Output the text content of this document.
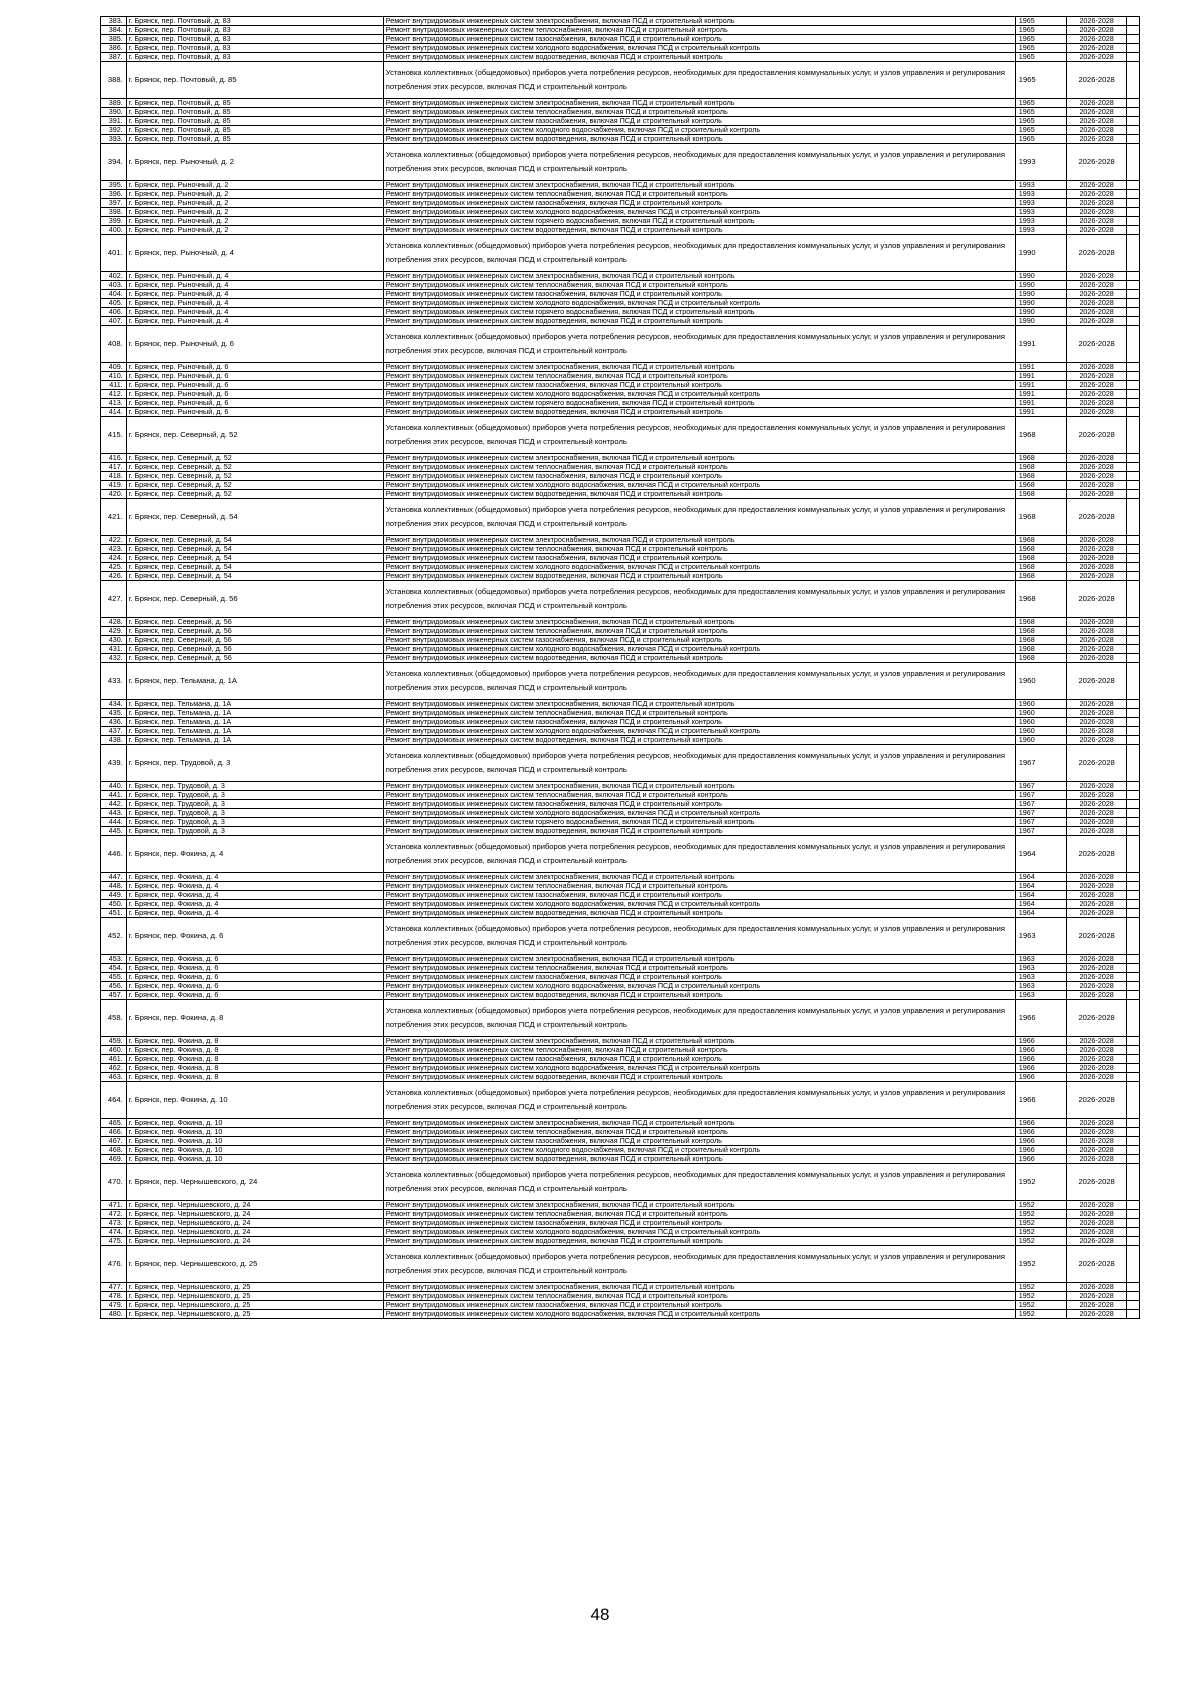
383.	г. Брянск, пер. Почтовый, д. 83	Ремонт внутридомовых инженерных систем электроснабжения, включая ПСД и строительный контроль	1965	2026-2028	
384.	г. Брянск, пер. Почтовый, д. 83	Ремонт внутридомовых инженерных систем теплоснабжения, включая ПСД и строительный контроль	1965	2026-2028	
385.	г. Брянск, пер. Почтовый, д. 83	Ремонт внутридомовых инженерных систем газоснабжения, включая ПСД и строительный контроль	1965	2026-2028	
386.	г. Брянск, пер. Почтовый, д. 83	Ремонт внутридомовых инженерных систем холодного водоснабжения, включая ПСД и строительный контроль	1965	2026-2028	
387.	г. Брянск, пер. Почтовый, д. 83	Ремонт внутридомовых инженерных систем водоотведения, включая ПСД и строительный контроль	1965	2026-2028	
388.	г. Брянск, пер. Почтовый, д. 85	Установка коллективных (общедомовых) приборов учета потребления ресурсов, необходимых для предоставления коммунальных услуг, и узлов управления и регулирования потребления этих ресурсов, включая ПСД и строительный контроль	1965	2026-2028	
389.	г. Брянск, пер. Почтовый, д. 85	Ремонт внутридомовых инженерных систем электроснабжения, включая ПСД и строительный контроль	1965	2026-2028	
390.	г. Брянск, пер. Почтовый, д. 85	Ремонт внутридомовых инженерных систем теплоснабжения, включая ПСД и строительный контроль	1965	2026-2028	
391.	г. Брянск, пер. Почтовый, д. 85	Ремонт внутридомовых инженерных систем газоснабжения, включая ПСД и строительный контроль	1965	2026-2028	
392.	г. Брянск, пер. Почтовый, д. 85	Ремонт внутридомовых инженерных систем холодного водоснабжения, включая ПСД и строительный контроль	1965	2026-2028	
393.	г. Брянск, пер. Почтовый, д. 85	Ремонт внутридомовых инженерных систем водоотведения, включая ПСД и строительный контроль	1965	2026-2028	
394.	г. Брянск, пер. Рыночный, д. 2	Установка коллективных (общедомовых) приборов учета потребления ресурсов, необходимых для предоставления коммунальных услуг, и узлов управления и регулирования потребления этих ресурсов, включая ПСД и строительный контроль	1993	2026-2028	
395.	г. Брянск, пер. Рыночный, д. 2	Ремонт внутридомовых инженерных систем электроснабжения, включая ПСД и строительный контроль	1993	2026-2028	
396.	г. Брянск, пер. Рыночный, д. 2	Ремонт внутридомовых инженерных систем теплоснабжения, включая ПСД и строительный контроль	1993	2026-2028	
397.	г. Брянск, пер. Рыночный, д. 2	Ремонт внутридомовых инженерных систем газоснабжения, включая ПСД и строительный контроль	1993	2026-2028	
398.	г. Брянск, пер. Рыночный, д. 2	Ремонт внутридомовых инженерных систем холодного водоснабжения, включая ПСД и строительный контроль	1993	2026-2028	
399.	г. Брянск, пер. Рыночный, д. 2	Ремонт внутридомовых инженерных систем горячего водоснабжения, включая ПСД и строительный контроль	1993	2026-2028	
400.	г. Брянск, пер. Рыночный, д. 2	Ремонт внутридомовых инженерных систем водоотведения, включая ПСД и строительный контроль	1993	2026-2028	
401.	г. Брянск, пер. Рыночный, д. 4	Установка коллективных (общедомовых) приборов учета потребления ресурсов, необходимых для предоставления коммунальных услуг, и узлов управления и регулирования потребления этих ресурсов, включая ПСД и строительный контроль	1990	2026-2028	
402.	г. Брянск, пер. Рыночный, д. 4	Ремонт внутридомовых инженерных систем электроснабжения, включая ПСД и строительный контроль	1990	2026-2028	
403.	г. Брянск, пер. Рыночный, д. 4	Ремонт внутридомовых инженерных систем теплоснабжения, включая ПСД и строительный контроль	1990	2026-2028	
404.	г. Брянск, пер. Рыночный, д. 4	Ремонт внутридомовых инженерных систем газоснабжения, включая ПСД и строительный контроль	1990	2026-2028	
405.	г. Брянск, пер. Рыночный, д. 4	Ремонт внутридомовых инженерных систем холодного водоснабжения, включая ПСД и строительный контроль	1990	2026-2028	
406.	г. Брянск, пер. Рыночный, д. 4	Ремонт внутридомовых инженерных систем горячего водоснабжения, включая ПСД и строительный контроль	1990	2026-2028	
407.	г. Брянск, пер. Рыночный, д. 4	Ремонт внутридомовых инженерных систем водоотведения, включая ПСД и строительный контроль	1990	2026-2028	
408.	г. Брянск, пер. Рыночный, д. 6	Установка коллективных (общедомовых) приборов учета потребления ресурсов, необходимых для предоставления коммунальных услуг, и узлов управления и регулирования потребления этих ресурсов, включая ПСД и строительный контроль	1991	2026-2028	
409.	г. Брянск, пер. Рыночный, д. 6	Ремонт внутридомовых инженерных систем электроснабжения, включая ПСД и строительный контроль	1991	2026-2028	
410.	г. Брянск, пер. Рыночный, д. 6	Ремонт внутридомовых инженерных систем теплоснабжения, включая ПСД и строительный контроль	1991	2026-2028	
411.	г. Брянск, пер. Рыночный, д. 6	Ремонт внутридомовых инженерных систем газоснабжения, включая ПСД и строительный контроль	1991	2026-2028	
412.	г. Брянск, пер. Рыночный, д. 6	Ремонт внутридомовых инженерных систем холодного водоснабжения, включая ПСД и строительный контроль	1991	2026-2028	
413.	г. Брянск, пер. Рыночный, д. 6	Ремонт внутридомовых инженерных систем горячего водоснабжения, включая ПСД и строительный контроль	1991	2026-2028	
414.	г. Брянск, пер. Рыночный, д. 6	Ремонт внутридомовых инженерных систем водоотведения, включая ПСД и строительный контроль	1991	2026-2028	
415.	г. Брянск, пер. Северный, д. 52	Установка коллективных (общедомовых) приборов учета потребления ресурсов, необходимых для предоставления коммунальных услуг, и узлов управления и регулирования потребления этих ресурсов, включая ПСД и строительный контроль	1968	2026-2028	
416.	г. Брянск, пер. Северный, д. 52	Ремонт внутридомовых инженерных систем электроснабжения, включая ПСД и строительный контроль	1968	2026-2028	
417.	г. Брянск, пер. Северный, д. 52	Ремонт внутридомовых инженерных систем теплоснабжения, включая ПСД и строительный контроль	1968	2026-2028	
418.	г. Брянск, пер. Северный, д. 52	Ремонт внутридомовых инженерных систем газоснабжения, включая ПСД и строительный контроль	1968	2026-2028	
419.	г. Брянск, пер. Северный, д. 52	Ремонт внутридомовых инженерных систем холодного водоснабжения, включая ПСД и строительный контроль	1968	2026-2028	
420.	г. Брянск, пер. Северный, д. 52	Ремонт внутридомовых инженерных систем водоотведения, включая ПСД и строительный контроль	1968	2026-2028	
421.	г. Брянск, пер. Северный, д. 54	Установка коллективных (общедомовых) приборов учета потребления ресурсов, необходимых для предоставления коммунальных услуг, и узлов управления и регулирования потребления этих ресурсов, включая ПСД и строительный контроль	1968	2026-2028	
422.	г. Брянск, пер. Северный, д. 54	Ремонт внутридомовых инженерных систем электроснабжения, включая ПСД и строительный контроль	1968	2026-2028	
423.	г. Брянск, пер. Северный, д. 54	Ремонт внутридомовых инженерных систем теплоснабжения, включая ПСД и строительный контроль	1968	2026-2028	
424.	г. Брянск, пер. Северный, д. 54	Ремонт внутридомовых инженерных систем газоснабжения, включая ПСД и строительный контроль	1968	2026-2028	
425.	г. Брянск, пер. Северный, д. 54	Ремонт внутридомовых инженерных систем холодного водоснабжения, включая ПСД и строительный контроль	1968	2026-2028	
426.	г. Брянск, пер. Северный, д. 54	Ремонт внутридомовых инженерных систем водоотведения, включая ПСД и строительный контроль	1968	2026-2028	
427.	г. Брянск, пер. Северный, д. 56	Установка коллективных (общедомовых) приборов учета потребления ресурсов, необходимых для предоставления коммунальных услуг, и узлов управления и регулирования потребления этих ресурсов, включая ПСД и строительный контроль	1968	2026-2028	
428.	г. Брянск, пер. Северный, д. 56	Ремонт внутридомовых инженерных систем электроснабжения, включая ПСД и строительный контроль	1968	2026-2028	
429.	г. Брянск, пер. Северный, д. 56	Ремонт внутридомовых инженерных систем теплоснабжения, включая ПСД и строительный контроль	1968	2026-2028	
430.	г. Брянск, пер. Северный, д. 56	Ремонт внутридомовых инженерных систем газоснабжения, включая ПСД и строительный контроль	1968	2026-2028	
431.	г. Брянск, пер. Северный, д. 56	Ремонт внутридомовых инженерных систем холодного водоснабжения, включая ПСД и строительный контроль	1968	2026-2028	
432.	г. Брянск, пер. Северный, д. 56	Ремонт внутридомовых инженерных систем водоотведения, включая ПСД и строительный контроль	1968	2026-2028	
433.	г. Брянск, пер. Тельмана, д. 1А	Установка коллективных (общедомовых) приборов учета потребления ресурсов, необходимых для предоставления коммунальных услуг, и узлов управления и регулирования потребления этих ресурсов, включая ПСД и строительный контроль	1960	2026-2028	
434.	г. Брянск, пер. Тельмана, д. 1А	Ремонт внутридомовых инженерных систем электроснабжения, включая ПСД и строительный контроль	1960	2026-2028	
435.	г. Брянск, пер. Тельмана, д. 1А	Ремонт внутридомовых инженерных систем теплоснабжения, включая ПСД и строительный контроль	1960	2026-2028	
436.	г. Брянск, пер. Тельмана, д. 1А	Ремонт внутридомовых инженерных систем газоснабжения, включая ПСД и строительный контроль	1960	2026-2028	
437.	г. Брянск, пер. Тельмана, д. 1А	Ремонт внутридомовых инженерных систем холодного водоснабжения, включая ПСД и строительный контроль	1960	2026-2028	
438.	г. Брянск, пер. Тельмана, д. 1А	Ремонт внутридомовых инженерных систем водоотведения, включая ПСД и строительный контроль	1960	2026-2028	
439.	г. Брянск, пер. Трудовой, д. 3	Установка коллективных (общедомовых) приборов учета потребления ресурсов, необходимых для предоставления коммунальных услуг, и узлов управления и регулирования потребления этих ресурсов, включая ПСД и строительный контроль	1967	2026-2028	
440.	г. Брянск, пер. Трудовой, д. 3	Ремонт внутридомовых инженерных систем электроснабжения, включая ПСД и строительный контроль	1967	2026-2028	
441.	г. Брянск, пер. Трудовой, д. 3	Ремонт внутридомовых инженерных систем теплоснабжения, включая ПСД и строительный контроль	1967	2026-2028	
442.	г. Брянск, пер. Трудовой, д. 3	Ремонт внутридомовых инженерных систем газоснабжения, включая ПСД и строительный контроль	1967	2026-2028	
443.	г. Брянск, пер. Трудовой, д. 3	Ремонт внутридомовых инженерных систем холодного водоснабжения, включая ПСД и строительный контроль	1967	2026-2028	
444.	г. Брянск, пер. Трудовой, д. 3	Ремонт внутридомовых инженерных систем горячего водоснабжения, включая ПСД и строительный контроль	1967	2026-2028	
445.	г. Брянск, пер. Трудовой, д. 3	Ремонт внутридомовых инженерных систем водоотведения, включая ПСД и строительный контроль	1967	2026-2028	
446.	г. Брянск, пер. Фокина, д. 4	Установка коллективных (общедомовых) приборов учета потребления ресурсов, необходимых для предоставления коммунальных услуг, и узлов управления и регулирования потребления этих ресурсов, включая ПСД и строительный контроль	1964	2026-2028	
447.	г. Брянск, пер. Фокина, д. 4	Ремонт внутридомовых инженерных систем электроснабжения, включая ПСД и строительный контроль	1964	2026-2028	
448.	г. Брянск, пер. Фокина, д. 4	Ремонт внутридомовых инженерных систем теплоснабжения, включая ПСД и строительный контроль	1964	2026-2028	
449.	г. Брянск, пер. Фокина, д. 4	Ремонт внутридомовых инженерных систем газоснабжения, включая ПСД и строительный контроль	1964	2026-2028	
450.	г. Брянск, пер. Фокина, д. 4	Ремонт внутридомовых инженерных систем холодного водоснабжения, включая ПСД и строительный контроль	1964	2026-2028	
451.	г. Брянск, пер. Фокина, д. 4	Ремонт внутридомовых инженерных систем водоотведения, включая ПСД и строительный контроль	1964	2026-2028	
452.	г. Брянск, пер. Фокина, д. 6	Установка коллективных (общедомовых) приборов учета потребления ресурсов, необходимых для предоставления коммунальных услуг, и узлов управления и регулирования потребления этих ресурсов, включая ПСД и строительный контроль	1963	2026-2028	
453.	г. Брянск, пер. Фокина, д. 6	Ремонт внутридомовых инженерных систем электроснабжения, включая ПСД и строительный контроль	1963	2026-2028	
454.	г. Брянск, пер. Фокина, д. 6	Ремонт внутридомовых инженерных систем теплоснабжения, включая ПСД и строительный контроль	1963	2026-2028	
455.	г. Брянск, пер. Фокина, д. 6	Ремонт внутридомовых инженерных систем газоснабжения, включая ПСД и строительный контроль	1963	2026-2028	
456.	г. Брянск, пер. Фокина, д. 6	Ремонт внутридомовых инженерных систем холодного водоснабжения, включая ПСД и строительный контроль	1963	2026-2028	
457.	г. Брянск, пер. Фокина, д. 6	Ремонт внутридомовых инженерных систем водоотведения, включая ПСД и строительный контроль	1963	2026-2028	
458.	г. Брянск, пер. Фокина, д. 8	Установка коллективных (общедомовых) приборов учета потребления ресурсов, необходимых для предоставления коммунальных услуг, и узлов управления и регулирования потребления этих ресурсов, включая ПСД и строительный контроль	1966	2026-2028	
459.	г. Брянск, пер. Фокина, д. 8	Ремонт внутридомовых инженерных систем электроснабжения, включая ПСД и строительный контроль	1966	2026-2028	
460.	г. Брянск, пер. Фокина, д. 8	Ремонт внутридомовых инженерных систем теплоснабжения, включая ПСД и строительный контроль	1966	2026-2028	
461.	г. Брянск, пер. Фокина, д. 8	Ремонт внутридомовых инженерных систем газоснабжения, включая ПСД и строительный контроль	1966	2026-2028	
462.	г. Брянск, пер. Фокина, д. 8	Ремонт внутридомовых инженерных систем холодного водоснабжения, включая ПСД и строительный контроль	1966	2026-2028	
463.	г. Брянск, пер. Фокина, д. 8	Ремонт внутридомовых инженерных систем водоотведения, включая ПСД и строительный контроль	1966	2026-2028	
464.	г. Брянск, пер. Фокина, д. 10	Установка коллективных (общедомовых) приборов учета потребления ресурсов, необходимых для предоставления коммунальных услуг, и узлов управления и регулирования потребления этих ресурсов, включая ПСД и строительный контроль	1966	2026-2028	
465.	г. Брянск, пер. Фокина, д. 10	Ремонт внутридомовых инженерных систем электроснабжения, включая ПСД и строительный контроль	1966	2026-2028	
466.	г. Брянск, пер. Фокина, д. 10	Ремонт внутридомовых инженерных систем теплоснабжения, включая ПСД и строительный контроль	1966	2026-2028	
467.	г. Брянск, пер. Фокина, д. 10	Ремонт внутридомовых инженерных систем газоснабжения, включая ПСД и строительный контроль	1966	2026-2028	
468.	г. Брянск, пер. Фокина, д. 10	Ремонт внутридомовых инженерных систем холодного водоснабжения, включая ПСД и строительный контроль	1966	2026-2028	
469.	г. Брянск, пер. Фокина, д. 10	Ремонт внутридомовых инженерных систем водоотведения, включая ПСД и строительный контроль	1966	2026-2028	
470.	г. Брянск, пер. Чернышевского, д. 24	Установка коллективных (общедомовых) приборов учета потребления ресурсов, необходимых для предоставления коммунальных услуг, и узлов управления и регулирования потребления этих ресурсов, включая ПСД и строительный контроль	1952	2026-2028	
471.	г. Брянск, пер. Чернышевского, д. 24	Ремонт внутридомовых инженерных систем электроснабжения, включая ПСД и строительный контроль	1952	2026-2028	
472.	г. Брянск, пер. Чернышевского, д. 24	Ремонт внутридомовых инженерных систем теплоснабжения, включая ПСД и строительный контроль	1952	2026-2028	
473.	г. Брянск, пер. Чернышевского, д. 24	Ремонт внутридомовых инженерных систем газоснабжения, включая ПСД и строительный контроль	1952	2026-2028	
474.	г. Брянск, пер. Чернышевского, д. 24	Ремонт внутридомовых инженерных систем холодного водоснабжения, включая ПСД и строительный контроль	1952	2026-2028	
475.	г. Брянск, пер. Чернышевского, д. 24	Ремонт внутридомовых инженерных систем водоотведения, включая ПСД и строительный контроль	1952	2026-2028	
476.	г. Брянск, пер. Чернышевского, д. 25	Установка коллективных (общедомовых) приборов учета потребления ресурсов, необходимых для предоставления коммунальных услуг, и узлов управления и регулирования потребления этих ресурсов, включая ПСД и строительный контроль	1952	2026-2028	
477.	г. Брянск, пер. Чернышевского, д. 25	Ремонт внутридомовых инженерных систем электроснабжения, включая ПСД и строительный контроль	1952	2026-2028	
478.	г. Брянск, пер. Чернышевского, д. 25	Ремонт внутридомовых инженерных систем теплоснабжения, включая ПСД и строительный контроль	1952	2026-2028	
479.	г. Брянск, пер. Чернышевского, д. 25	Ремонт внутридомовых инженерных систем газоснабжения, включая ПСД и строительный контроль	1952	2026-2028	
480.	г. Брянск, пер. Чернышевского, д. 25	Ремонт внутридомовых инженерных систем холодного водоснабжения, включая ПСД и строительный контроль	1952	2026-2028	
48
